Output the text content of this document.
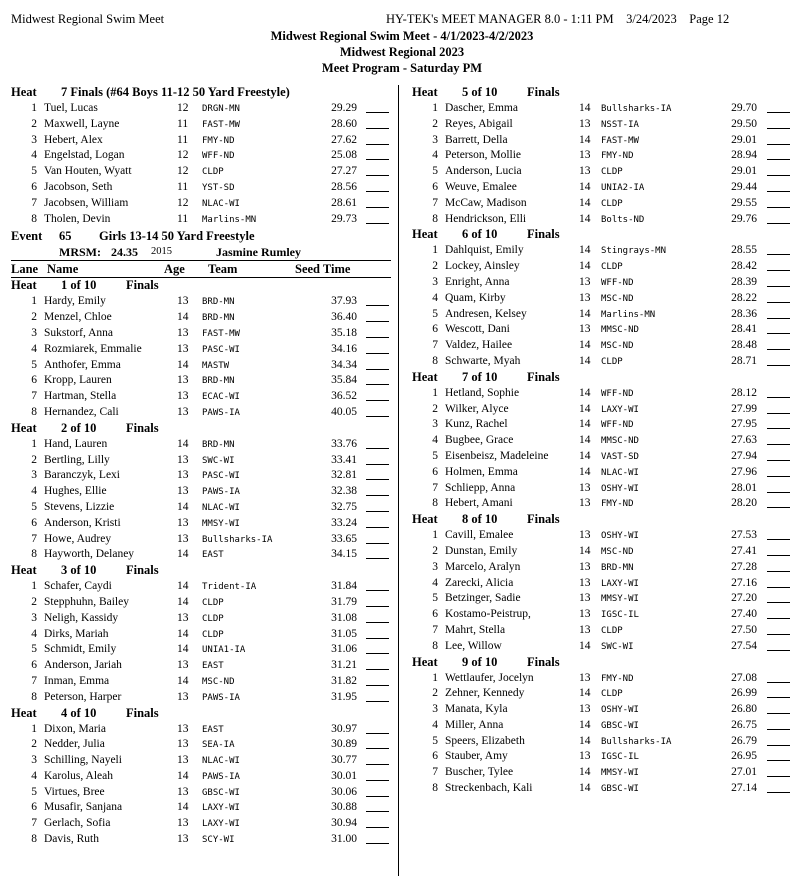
Midwest Regional Swim Meet	HY-TEK's MEET MANAGER 8.0 - 1:11 PM    3/24/2023    Page 12
Midwest Regional Swim Meet - 4/1/2023-4/2/2023
Midwest Regional 2023
Meet Program - Saturday PM
Heat 7 Finals (#64 Boys 11-12 50 Yard Freestyle)
1 Tuel, Lucas	12 DRGN-MN	29.29
2 Maxwell, Layne	11 FAST-MW	28.60
3 Hebert, Alex	11 FMY-ND	27.62
4 Engelstad, Logan	12 WFF-ND	25.08
5 Van Houten, Wyatt	12 CLDP	27.27
6 Jacobson, Seth	11 YST-SD	28.56
7 Jacobsen, William	12 NLAC-WI	28.61
8 Tholen, Devin	11 Marlins-MN	29.73
Event 65 Girls 13-14 50 Yard Freestyle
MRSM: 24.35 2015	Jasmine Rumley
Lane Name	Age Team	Seed Time
Heat 1 of 10 Finals
1 Hardy, Emily	13 BRD-MN	37.93
2 Menzel, Chloe	14 BRD-MN	36.40
3 Sukstorf, Anna	13 FAST-MW	35.18
4 Rozmiarek, Emmalie	13 PASC-WI	34.16
5 Anthofer, Emma	14 MASTW	34.34
6 Kropp, Lauren	13 BRD-MN	35.84
7 Hartman, Stella	13 ECAC-WI	36.52
8 Hernandez, Cali	13 PAWS-IA	40.05
Heat 2 of 10 Finals
1 Hand, Lauren	14 BRD-MN	33.76
2 Bertling, Lilly	13 SWC-WI	33.41
3 Baranczyk, Lexi	13 PASC-WI	32.81
4 Hughes, Ellie	13 PAWS-IA	32.38
5 Stevens, Lizzie	14 NLAC-WI	32.75
6 Anderson, Kristi	13 MMSY-WI	33.24
7 Howe, Audrey	13 Bullsharks-IA	33.65
8 Hayworth, Delaney	14 EAST	34.15
Heat 3 of 10 Finals
1 Schafer, Caydi	14 Trident-IA	31.84
2 Stepphuhn, Bailey	14 CLDP	31.79
3 Neligh, Kassidy	13 CLDP	31.08
4 Dirks, Mariah	14 CLDP	31.05
5 Schmidt, Emily	14 UNIA1-IA	31.06
6 Anderson, Jariah	13 EAST	31.21
7 Inman, Emma	14 MSC-ND	31.82
8 Peterson, Harper	13 PAWS-IA	31.95
Heat 4 of 10 Finals
1 Dixon, Maria	13 EAST	30.97
2 Nedder, Julia	13 SEA-IA	30.89
3 Schilling, Nayeli	13 NLAC-WI	30.77
4 Karolus, Aleah	14 PAWS-IA	30.01
5 Virtues, Bree	13 GBSC-WI	30.06
6 Musafir, Sanjana	14 LAXY-WI	30.88
7 Gerlach, Sofia	13 LAXY-WI	30.94
8 Davis, Ruth	13 SCY-WI	31.00
Heat 5 of 10 Finals
1 Dascher, Emma	14 Bullsharks-IA	29.70
2 Reyes, Abigail	13 NSST-IA	29.50
3 Barrett, Della	14 FAST-MW	29.01
4 Peterson, Mollie	13 FMY-ND	28.94
5 Anderson, Lucia	13 CLDP	29.01
6 Weuve, Emalee	14 UNIA2-IA	29.44
7 McCaw, Madison	14 CLDP	29.55
8 Hendrickson, Elli	14 Bolts-ND	29.76
Heat 6 of 10 Finals
1 Dahlquist, Emily	14 Stingrays-MN	28.55
2 Lockey, Ainsley	14 CLDP	28.42
3 Enright, Anna	13 WFF-ND	28.39
4 Quam, Kirby	13 MSC-ND	28.22
5 Andresen, Kelsey	14 Marlins-MN	28.36
6 Wescott, Dani	13 MMSC-ND	28.41
7 Valdez, Hailee	14 MSC-ND	28.48
8 Schwarte, Myah	14 CLDP	28.71
Heat 7 of 10 Finals
1 Hetland, Sophie	14 WFF-ND	28.12
2 Wilker, Alyce	14 LAXY-WI	27.99
3 Kunz, Rachel	14 WFF-ND	27.95
4 Bugbee, Grace	14 MMSC-ND	27.63
5 Eisenbeisz, Madeleine	14 VAST-SD	27.94
6 Holmen, Emma	14 NLAC-WI	27.96
7 Schliepp, Anna	13 OSHY-WI	28.01
8 Hebert, Amani	13 FMY-ND	28.20
Heat 8 of 10 Finals
1 Cavill, Emalee	13 OSHY-WI	27.53
2 Dunstan, Emily	14 MSC-ND	27.41
3 Marcelo, Aralyn	13 BRD-MN	27.28
4 Zarecki, Alicia	13 LAXY-WI	27.16
5 Betzinger, Sadie	13 MMSY-WI	27.20
6 Kostamo-Peistrup,	13 IGSC-IL	27.40
7 Mahrt, Stella	13 CLDP	27.50
8 Lee, Willow	14 SWC-WI	27.54
Heat 9 of 10 Finals
1 Wettlaufer, Jocelyn	13 FMY-ND	27.08
2 Zehner, Kennedy	14 CLDP	26.99
3 Manata, Kyla	13 OSHY-WI	26.80
4 Miller, Anna	14 GBSC-WI	26.75
5 Speers, Elizabeth	14 Bullsharks-IA	26.79
6 Stauber, Amy	13 IGSC-IL	26.95
7 Buscher, Tylee	14 MMSY-WI	27.01
8 Streckenbach, Kali	14 GBSC-WI	27.14
